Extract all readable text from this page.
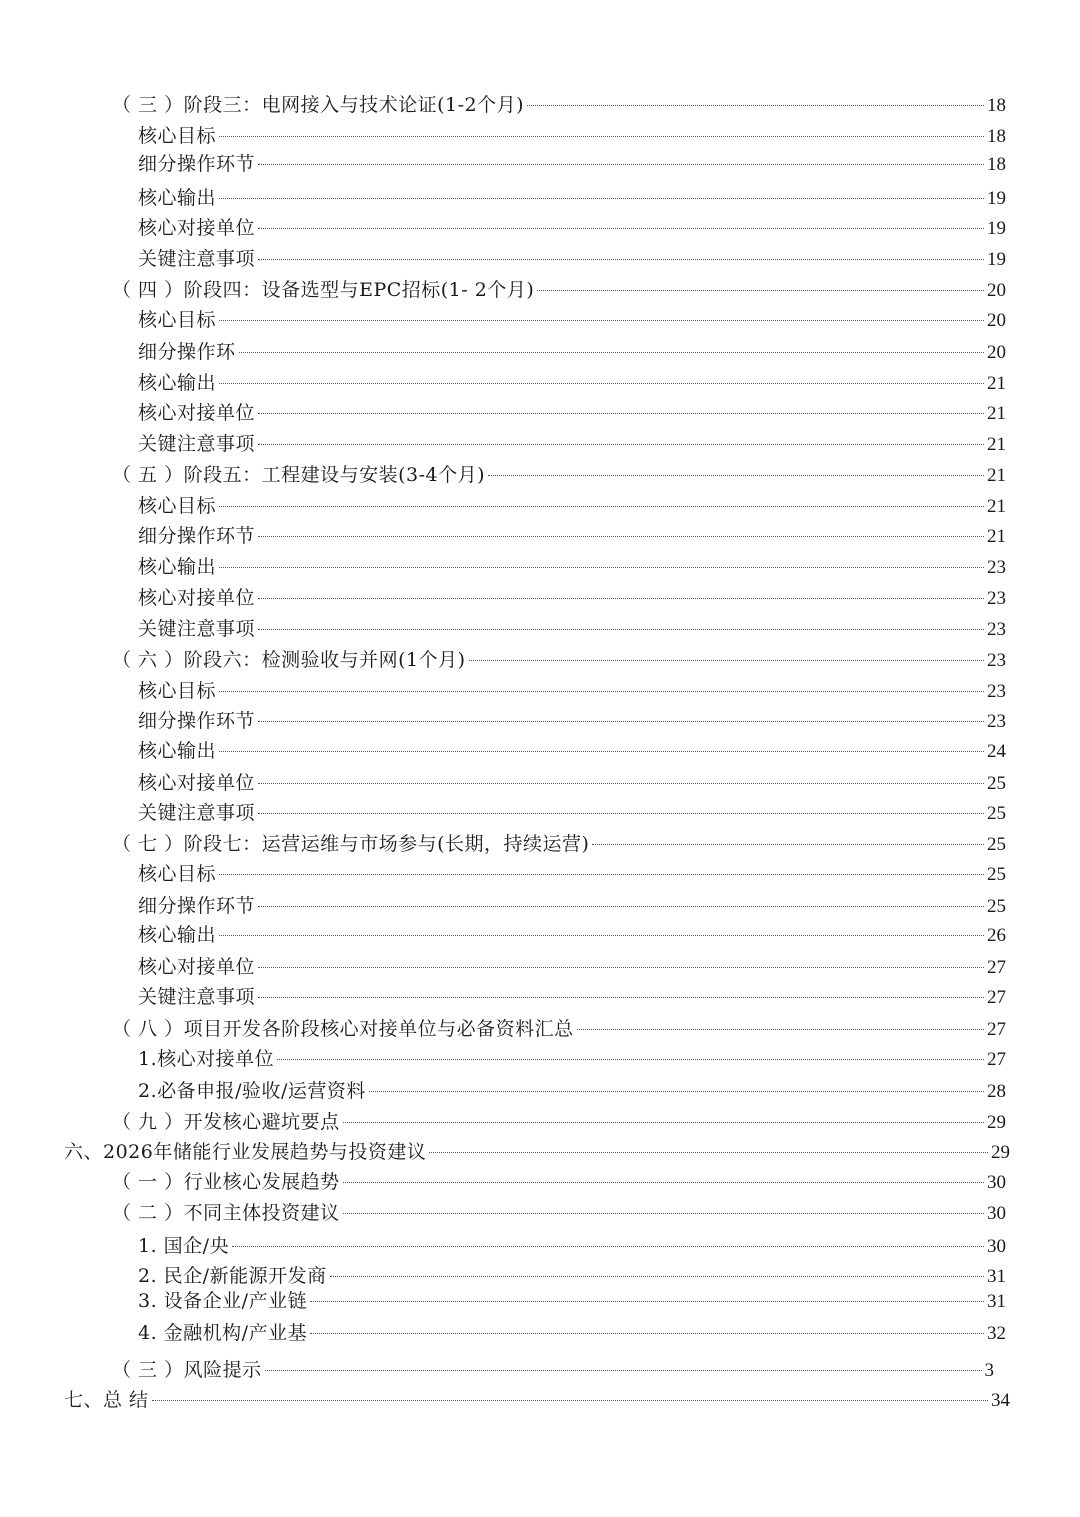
（ 三 ）阶段三：电网接入与技术论证(1-2个月)	18
核心目标	18
细分操作环节	18
核心输出	19
核心对接单位	19
关键注意事项	19
（ 四 ）阶段四：设备选型与EPC招标(1- 2个月)	20
核心目标	20
细分操作环	20
核心输出	21
核心对接单位	21
关键注意事项	21
（ 五 ）阶段五：工程建设与安装(3-4个月)	21
核心目标	21
细分操作环节	21
核心输出	23
核心对接单位	23
关键注意事项	23
（ 六 ）阶段六：检测验收与并网(1个月)	23
核心目标	23
细分操作环节	23
核心输出	24
核心对接单位	25
关键注意事项	25
（ 七 ）阶段七：运营运维与市场参与(长期，持续运营)	25
核心目标	25
细分操作环节	25
核心输出	26
核心对接单位	27
关键注意事项	27
（ 八 ）项目开发各阶段核心对接单位与必备资料汇总	27
1.核心对接单位	27
2.必备申报/验收/运营资料	28
（ 九 ）开发核心避坑要点	29
六、2026年储能行业发展趋势与投资建议	29
（ 一 ）行业核心发展趋势	30
（ 二 ）不同主体投资建议	30
1. 国企/央	30
2. 民企/新能源开发商	31
3. 设备企业/产业链	31
4. 金融机构/产业基	32
（ 三 ）风险提示	3
七、总 结	34
